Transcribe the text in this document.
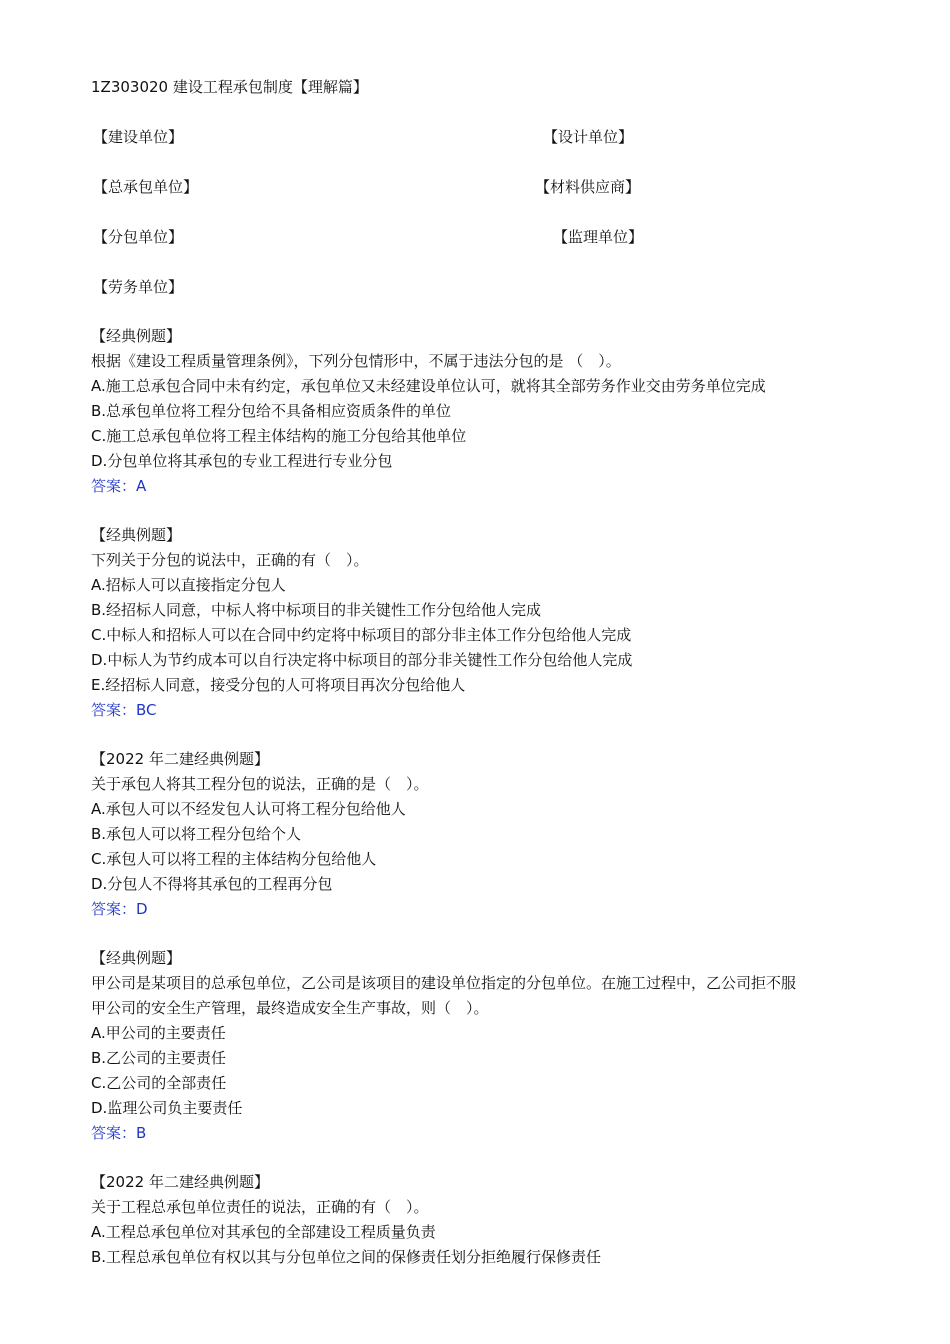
1Z303020 建设工程承包制度【理解篇】
【建设单位】	【设计单位】
【总承包单位】	【材料供应商】
【分包单位】	【监理单位】
【劳务单位】
【经典例题】
根据《建设工程质量管理条例》，下列分包情形中，不属于违法分包的是 （　）。
A.施工总承包合同中未有约定，承包单位又未经建设单位认可，就将其全部劳务作业交由劳务单位完成
B.总承包单位将工程分包给不具备相应资质条件的单位
C.施工总承包单位将工程主体结构的施工分包给其他单位
D.分包单位将其承包的专业工程进行专业分包
答案：A
【经典例题】
下列关于分包的说法中，正确的有（　）。
A.招标人可以直接指定分包人
B.经招标人同意，中标人将中标项目的非关键性工作分包给他人完成
C.中标人和招标人可以在合同中约定将中标项目的部分非主体工作分包给他人完成
D.中标人为节约成本可以自行决定将中标项目的部分非关键性工作分包给他人完成
E.经招标人同意，接受分包的人可将项目再次分包给他人
答案：BC
【2022 年二建经典例题】
关于承包人将其工程分包的说法，正确的是（　）。
A.承包人可以不经发包人认可将工程分包给他人
B.承包人可以将工程分包给个人
C.承包人可以将工程的主体结构分包给他人
D.分包人不得将其承包的工程再分包
答案：D
【经典例题】
甲公司是某项目的总承包单位，乙公司是该项目的建设单位指定的分包单位。在施工过程中，乙公司拒不服
甲公司的安全生产管理，最终造成安全生产事故，则（　）。
A.甲公司的主要责任
B.乙公司的主要责任
C.乙公司的全部责任
D.监理公司负主要责任
答案：B
【2022 年二建经典例题】
关于工程总承包单位责任的说法，正确的有（　）。
A.工程总承包单位对其承包的全部建设工程质量负责
B.工程总承包单位有权以其与分包单位之间的保修责任划分拒绝履行保修责任
